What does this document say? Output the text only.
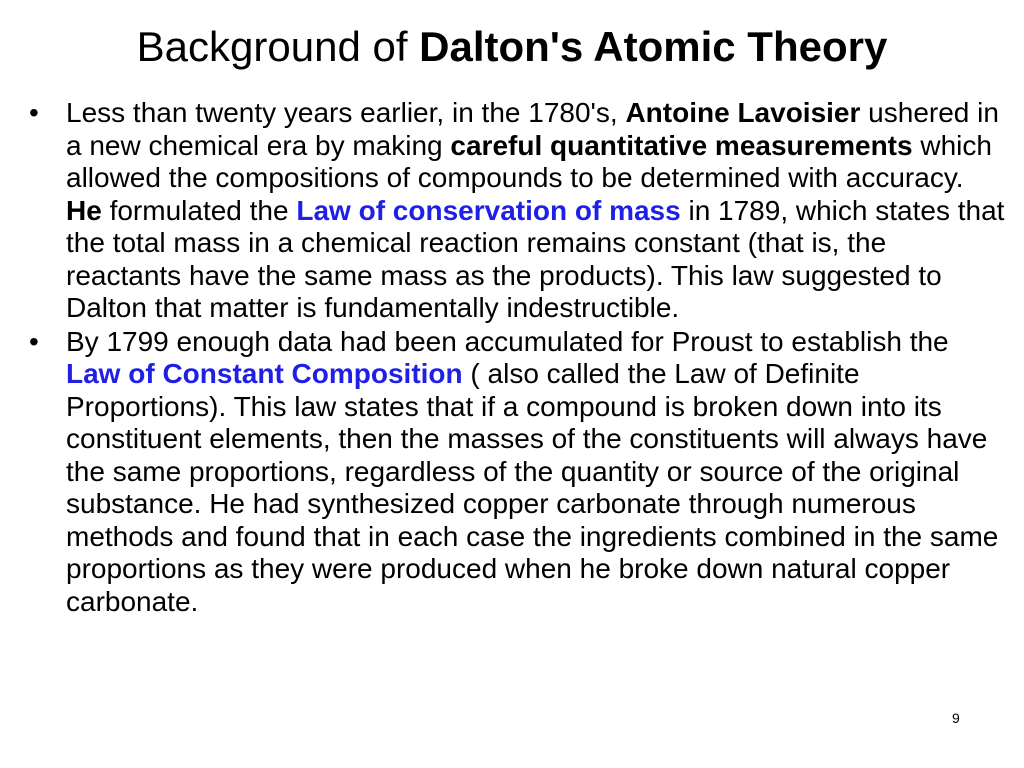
Background of Dalton's Atomic Theory
• Less than twenty years earlier, in the 1780's, Antoine Lavoisier ushered in a new chemical era by making careful quantitative measurements which allowed the compositions of compounds to be determined with accuracy. He formulated the Law of conservation of mass in 1789, which states that the total mass in a chemical reaction remains constant (that is, the reactants have the same mass as the products). This law suggested to Dalton that matter is fundamentally indestructible.
• By 1799 enough data had been accumulated for Proust to establish the Law of Constant Composition ( also called the Law of Definite Proportions). This law states that if a compound is broken down into its constituent elements, then the masses of the constituents will always have the same proportions, regardless of the quantity or source of the original substance. He had synthesized copper carbonate through numerous methods and found that in each case the ingredients combined in the same proportions as they were produced when he broke down natural copper carbonate.
9
